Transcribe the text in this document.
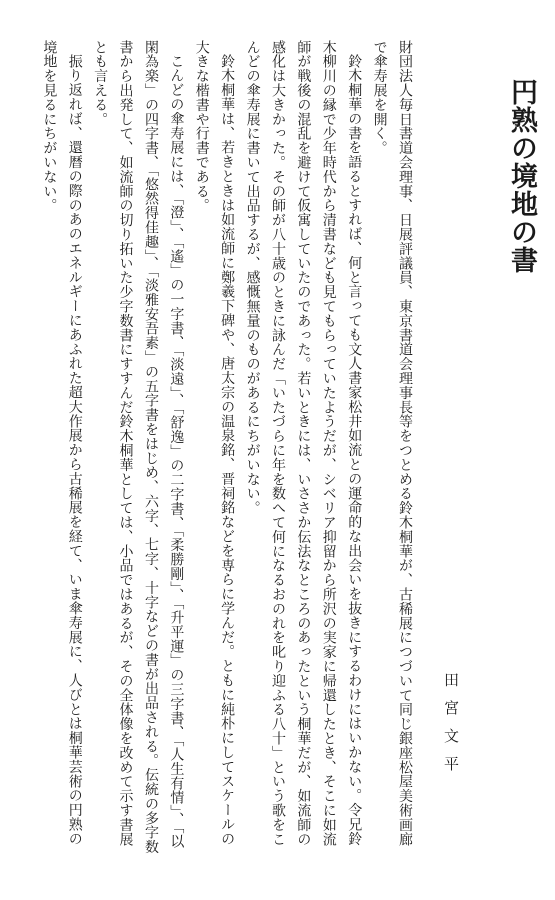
円熟の境地の書
田宮文平

財団法人毎日書道会理事、日展評議員、東京書道会理事長等をつとめる鈴木桐華が、古稀展につづいて同じ銀座松屋美術画廊で傘寿展を開く。

鈴木桐華の書を語るとすれば、何と言っても文人書家松井如流との運命的な出会いを抜きにするわけにはいかない。令兄鈴木柳川の縁で少年時代から清書なども見てもらっていたようだが、シベリア抑留から所沢の実家に帰還したとき、そこに如流師が戦後の混乱を避けて仮寓していたのであった。若いときには、いささか伝法なところのあったという桐華だが、如流師の感化は大きかった。その師が八十歳のときに詠んだ「いたづらに年を数へて何になるおのれを叱り迎ふる八十」という歌をこんどの傘寿展に書いて出品するが、感慨無量のものがあるにちがいない。

鈴木桐華は、若きときは如流師に鄭羲下碑や、唐太宗の温泉銘、晋祠銘などを専らに学んだ。ともに純朴にしてスケールの大きな楷書や行書である。

こんどの傘寿展には、「澄」、「遙」の一字書、「淡遠」、「舒逸」の二字書、「柔勝剛」、「升平運」の三字書、「人生有情」、「以閑為楽」の四字書、「悠然得佳趣」、「淡雅安吾素」の五字書をはじめ、六字、七字、十字などの書が出品される。伝統の多字数書から出発して、如流師の切り拓いた少字数書にすすんだ鈴木桐華としては、小品ではあるが、その全体像を改めて示す書展とも言える。

振り返れば、還暦の際のあのエネルギーにあふれた超大作展から古稀展を経て、いま傘寿展に、人びとは桐華芸術の円熟の境地を見るにちがいない。
